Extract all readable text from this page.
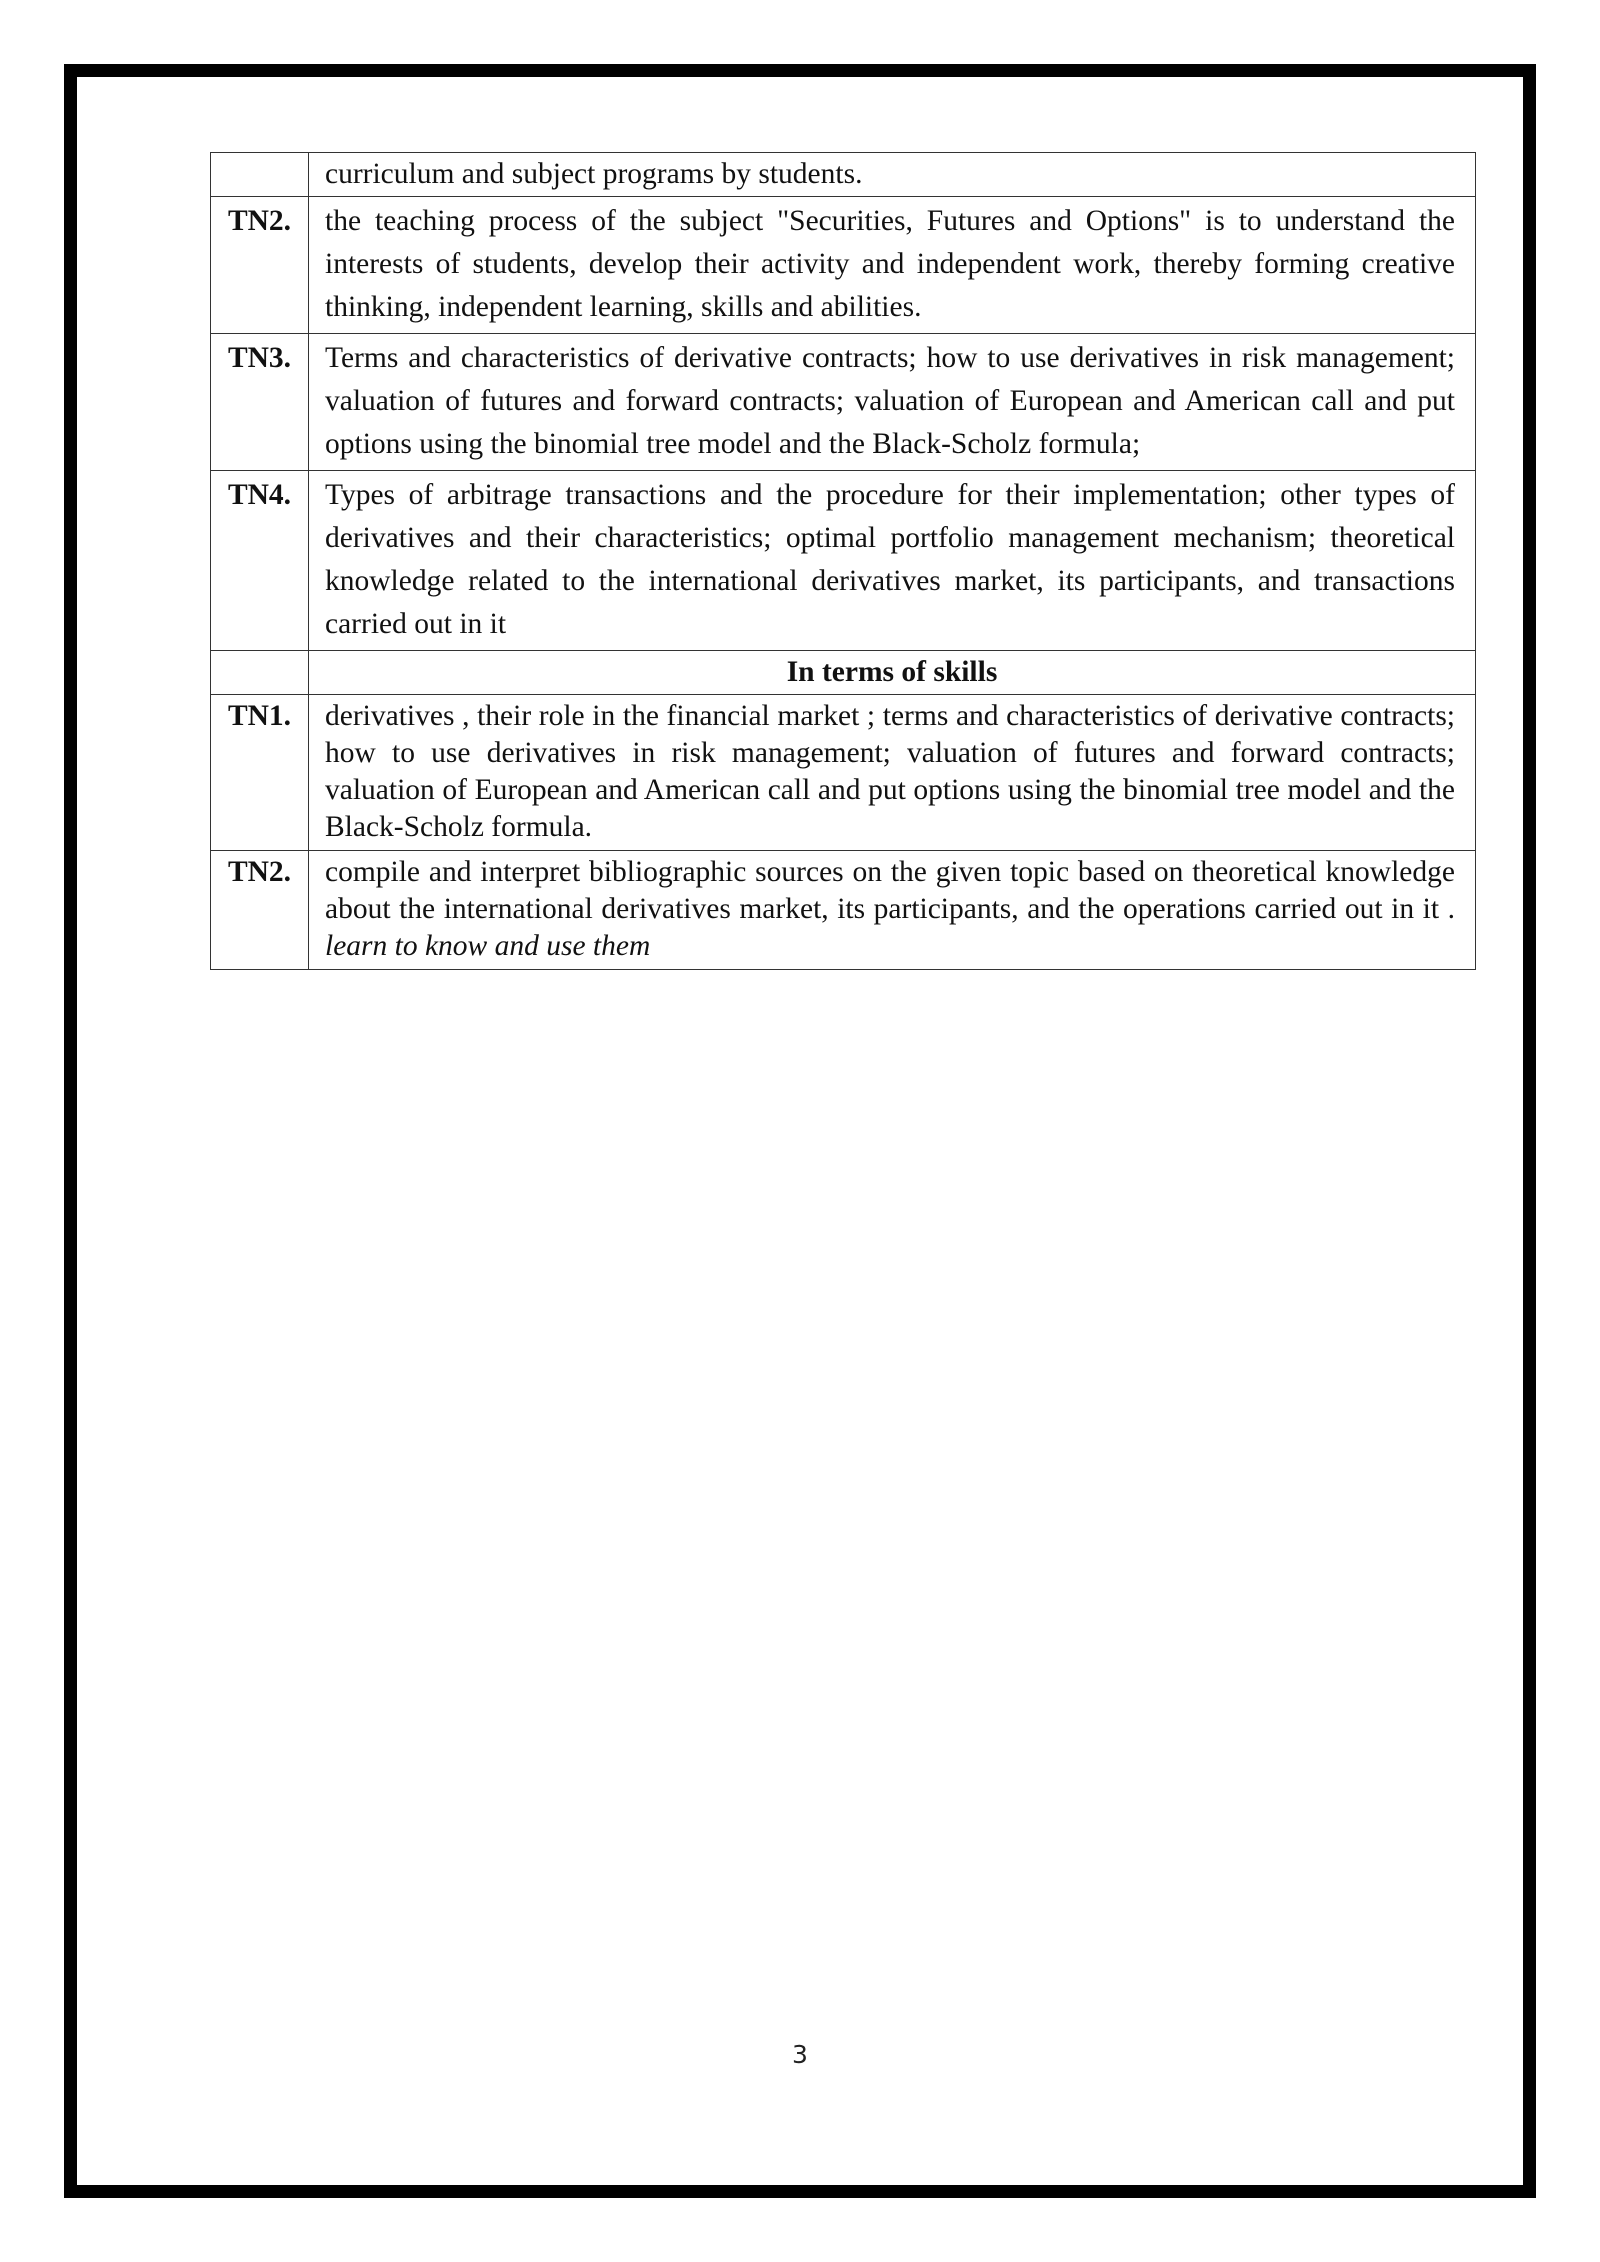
	curriculum and subject programs by students.
TN2.	the teaching process of the subject "Securities, Futures and Options" is to understand the interests of students, develop their activity and independent work, thereby forming creative thinking, independent learning, skills and abilities.
TN3.	Terms and characteristics of derivative contracts; how to use derivatives in risk management; valuation of futures and forward contracts; valuation of European and American call and put options using the binomial tree model and the Black-Scholz formula;
TN4.	Types of arbitrage transactions and the procedure for their implementation; other types of derivatives and their characteristics; optimal portfolio management mechanism; theoretical knowledge related to the international derivatives market, its participants, and transactions carried out in it
	In terms of skills
TN1.	derivatives , their role in the financial market ; terms and characteristics of derivative contracts; how to use derivatives in risk management; valuation of futures and forward contracts; valuation of European and American call and put options using the binomial tree model and the Black-Scholz formula.
TN2.	compile and interpret bibliographic sources on the given topic based on theoretical knowledge about the international derivatives market, its participants, and the operations carried out in it . learn to know and use them
3
